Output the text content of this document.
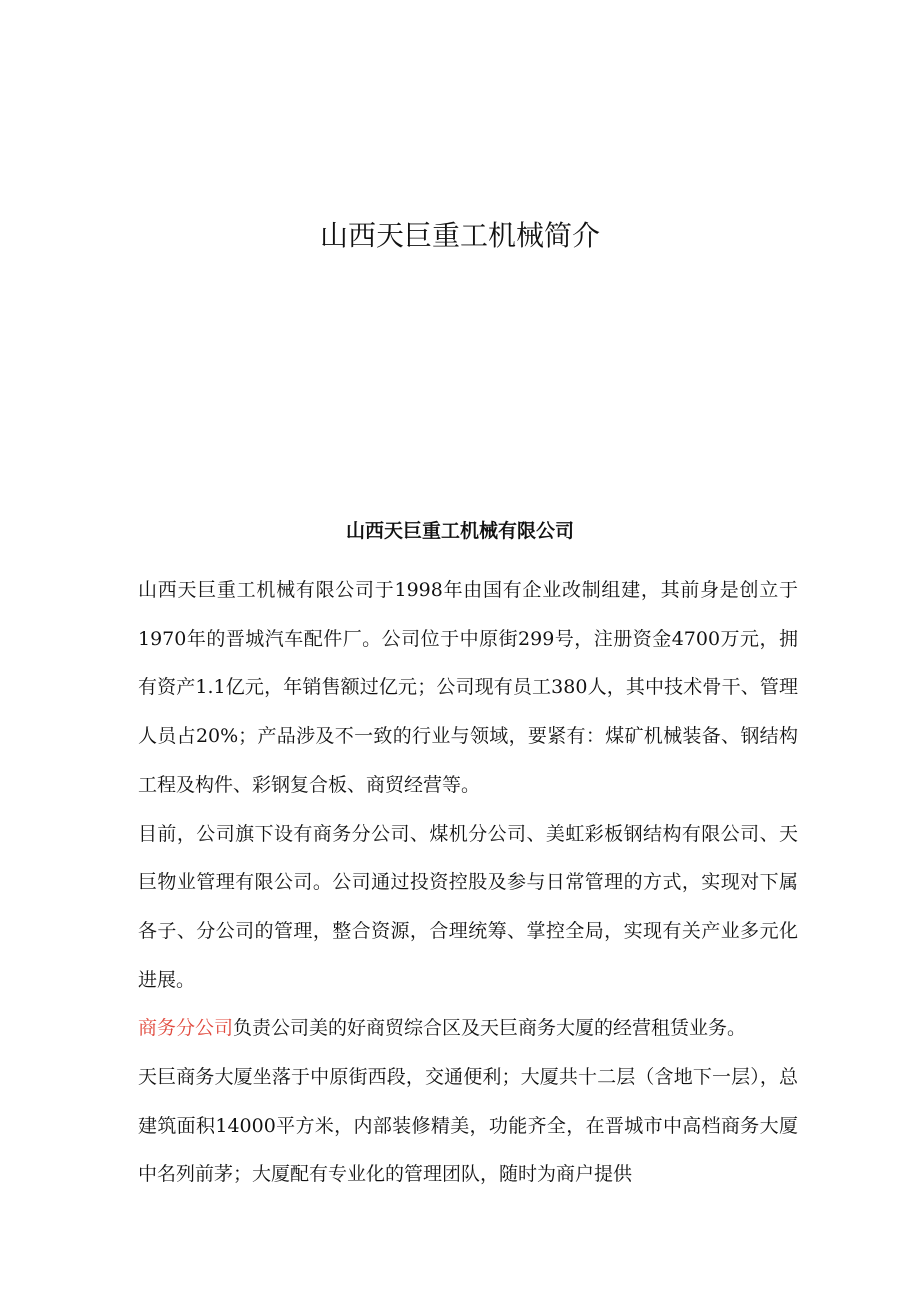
山西天巨重工机械简介
山西天巨重工机械有限公司

山西天巨重工机械有限公司于1998年由国有企业改制组建，其前身是创立于1970年的晋城汽车配件厂。公司位于中原街299号，注册资金4700万元，拥有资产1.1亿元，年销售额过亿元；公司现有员工380人，其中技术骨干、管理人员占20%；产品涉及不一致的行业与领域，要紧有：煤矿机械装备、钢结构工程及构件、彩钢复合板、商贸经营等。

目前，公司旗下设有商务分公司、煤机分公司、美虹彩板钢结构有限公司、天巨物业管理有限公司。公司通过投资控股及参与日常管理的方式，实现对下属各子、分公司的管理，整合资源，合理统筹、掌控全局，实现有关产业多元化进展。

商务分公司负责公司美的好商贸综合区及天巨商务大厦的经营租赁业务。

天巨商务大厦坐落于中原街西段，交通便利；大厦共十二层（含地下一层），总建筑面积14000平方米，内部装修精美，功能齐全，在晋城市中高档商务大厦中名列前茅；大厦配有专业化的管理团队，随时为商户提供
